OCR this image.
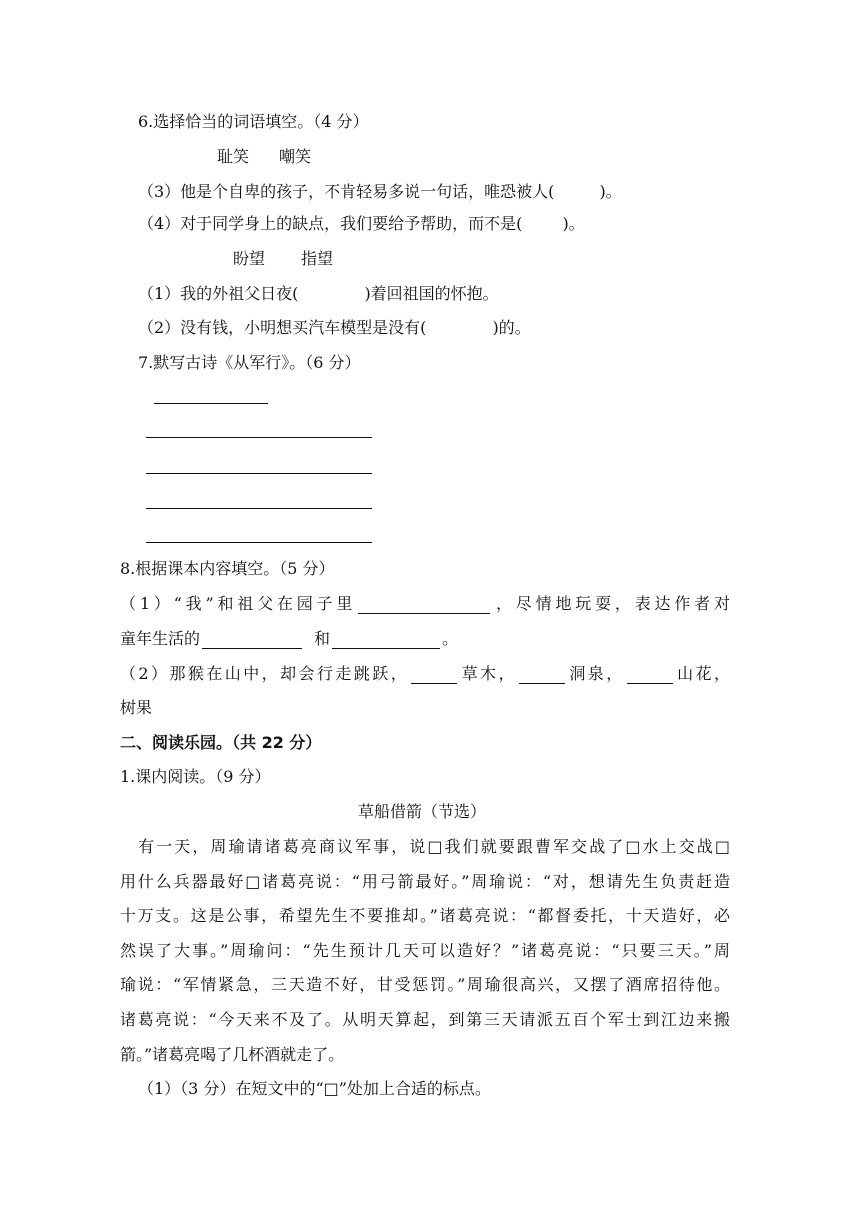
6.选择恰当的词语填空。（4 分）
耻笑 嘲笑
（3）他是个自卑的孩子，不肯轻易多说一句话，唯恐被人(	)。
（4）对于同学身上的缺点，我们要给予帮助，而不是(	)。
盼望 指望
（1）我的外祖父日夜(	)着回祖国的怀抱。
（2）没有钱，小明想买汽车模型是没有(	)的。
7.默写古诗《从军行》。（6 分）
8.根据课本内容填空。（5 分）
（1）“我”和祖父在园子里	，尽情地玩耍，表达作者对
童年生活的	和	。
（2）那猴在山中，却会行走跳跃，	草木，	洞泉，	山花，
树果
二、阅读乐园。（共 22 分）
1.课内阅读。（9 分）
草船借箭（节选）
　有一天，周瑜请诸葛亮商议军事，说□我们就要跟曹军交战了□水上交战□
用什么兵器最好□诸葛亮说：“用弓箭最好。”周瑜说：“对，想请先生负责赶造
十万支。这是公事，希望先生不要推却。”诸葛亮说：“都督委托，十天造好，必
然误了大事。”周瑜问：“先生预计几天可以造好？”诸葛亮说：“只要三天。”周
瑜说：“军情紧急，三天造不好，甘受惩罚。”周瑜很高兴，又摆了酒席招待他。
诸葛亮说：“今天来不及了。从明天算起，到第三天请派五百个军士到江边来搬
箭。”诸葛亮喝了几杯酒就走了。
（1）（3 分）在短文中的“□”处加上合适的标点。
